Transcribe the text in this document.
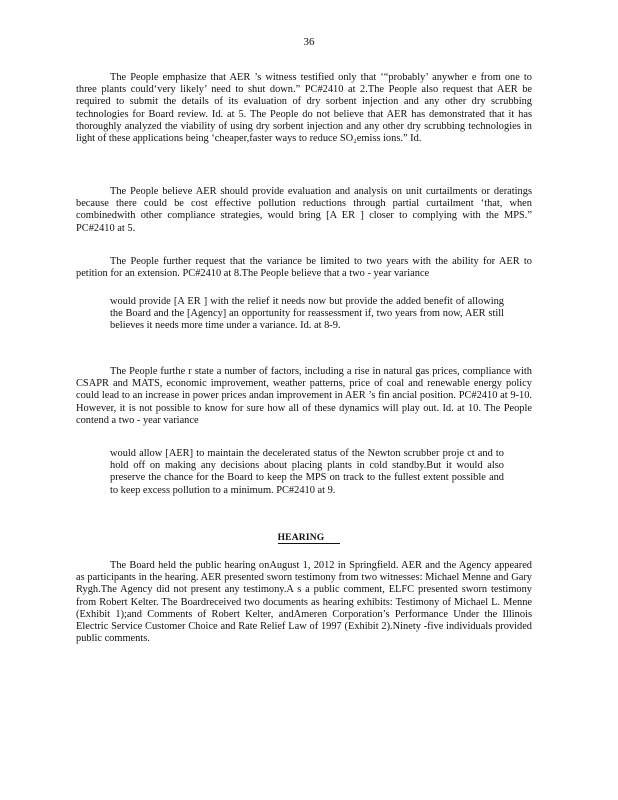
36

The People emphasize that AER ’s witness testified only that ‘“probably’ anywher e from one to three plants could‘very likely’ need to shut down.” PC#2410 at 2.The People also request that AER be required to submit the details of its evaluation of dry sorbent injection and any other dry scrubbing technologies for Board review. Id. at 5. The People do not believe that AER has demonstrated that it has thoroughly analyzed the viability of using dry sorbent injection and any other dry scrubbing technologies in light of these applications being ‘cheaper,faster ways to reduce SO₂emiss ions.” Id.

The People believe AER should provide evaluation and analysis on unit curtailments or deratings because there could be cost effective pollution reductions through partial curtailment ‘that, when combinedwith other compliance strategies, would bring [A ER ] closer to complying with the MPS.” PC#2410 at 5.

The People further request that the variance be limited to two years with the ability for AER to petition for an extension. PC#2410 at 8.The People believe that a two - year variance

would provide [A ER ] with the relief it needs now but provide the added benefit of allowing the Board and the [Agency] an opportunity for reassessment if, two years from now, AER still believes it needs more time under a variance. Id. at 8-9.

The People furthe r state a number of factors, including a rise in natural gas prices, compliance with CSAPR and MATS, economic improvement, weather patterns, price of coal and renewable energy policy could lead to an increase in power prices andan improvement in AER ’s fin ancial position. PC#2410 at 9-10. However, it is not possible to know for sure how all of these dynamics will play out. Id. at 10. The People contend a two - year variance

would allow [AER] to maintain the decelerated status of the Newton scrubber proje ct and to hold off on making any decisions about placing plants in cold standby.But it would also preserve the chance for the Board to keep the MPS on track to the fullest extent possible and to keep excess pollution to a minimum. PC#2410 at 9.

HEARING

The Board held the public hearing onAugust 1, 2012 in Springfield. AER and the Agency appeared as participants in the hearing. AER presented sworn testimony from two witnesses: Michael Menne and Gary Rygh.The Agency did not present any testimony.A s a public comment, ELFC presented sworn testimony from Robert Kelter. The Boardreceived two documents as hearing exhibits: Testimony of Michael L. Menne (Exhibit 1);and Comments of Robert Kelter, andAmeren Corporation’s Performance Under the Illinois Electric Service Customer Choice and Rate Relief Law of 1997 (Exhibit 2).Ninety -five individuals provided public comments.
